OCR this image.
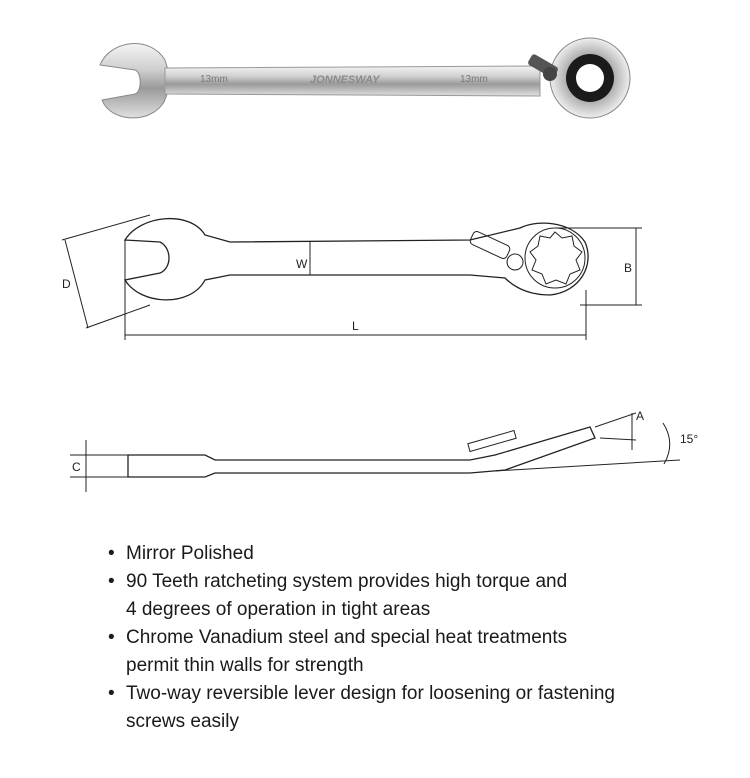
13mm	JONNESWAY	13mm
D
W	B
L
C
A
15°
• Mirror Polished
• 90 Teeth ratcheting system provides high torque and
4 degrees of operation in tight areas
• Chrome Vanadium steel and special heat treatments
permit thin walls for strength
• Two-way reversible lever design for loosening or fastening
screws easily
